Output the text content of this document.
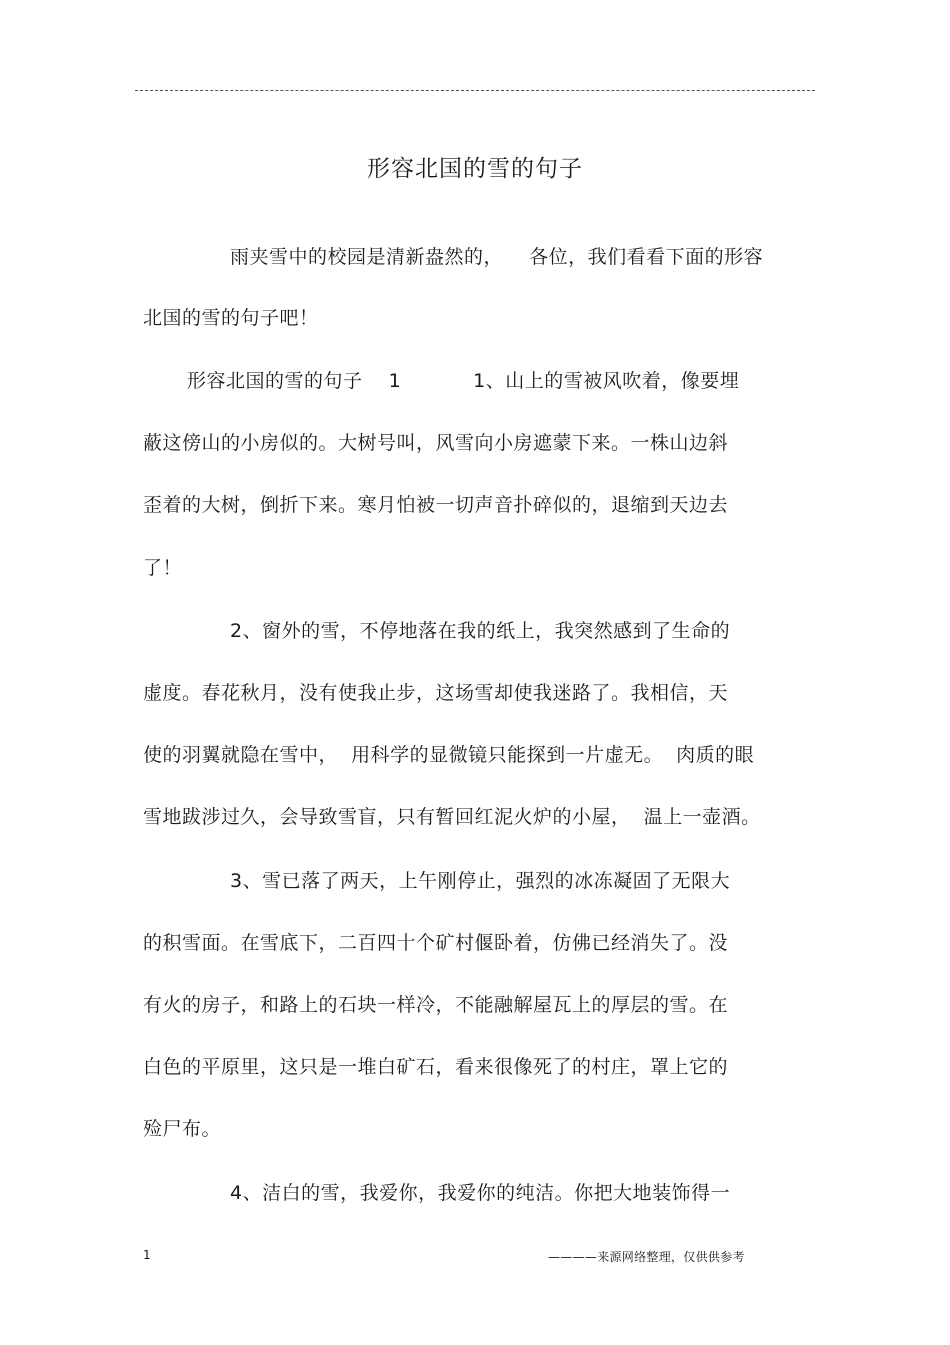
形容北国的雪的句子
雨夹雪中的校园是清新盎然的，    各位，我们看看下面的形容
北国的雪的句子吧！
形容北国的雪的句子    1           1、山上的雪被风吹着，像要埋
蔽这傍山的小房似的。大树号叫，风雪向小房遮蒙下来。一株山边斜
歪着的大树，倒折下来。寒月怕被一切声音扑碎似的，退缩到天边去
了！
2、窗外的雪，不停地落在我的纸上，我突然感到了生命的
虚度。春花秋月，没有使我止步，这场雪却使我迷路了。我相信，天
使的羽翼就隐在雪中，  用科学的显微镜只能探到一片虚无。  肉质的眼
雪地跋涉过久，会导致雪盲，只有暂回红泥火炉的小屋，  温上一壶酒。
3、雪已落了两天，上午刚停止，强烈的冰冻凝固了无限大
的积雪面。在雪底下，二百四十个矿村偃卧着，仿佛已经消失了。没
有火的房子，和路上的石块一样冷，不能融解屋瓦上的厚层的雪。在
白色的平原里，这只是一堆白矿石，看来很像死了的村庄，罩上它的
殓尸布。
4、洁白的雪，我爱你，我爱你的纯洁。你把大地装饰得一
1	————来源网络整理，仅供供参考
